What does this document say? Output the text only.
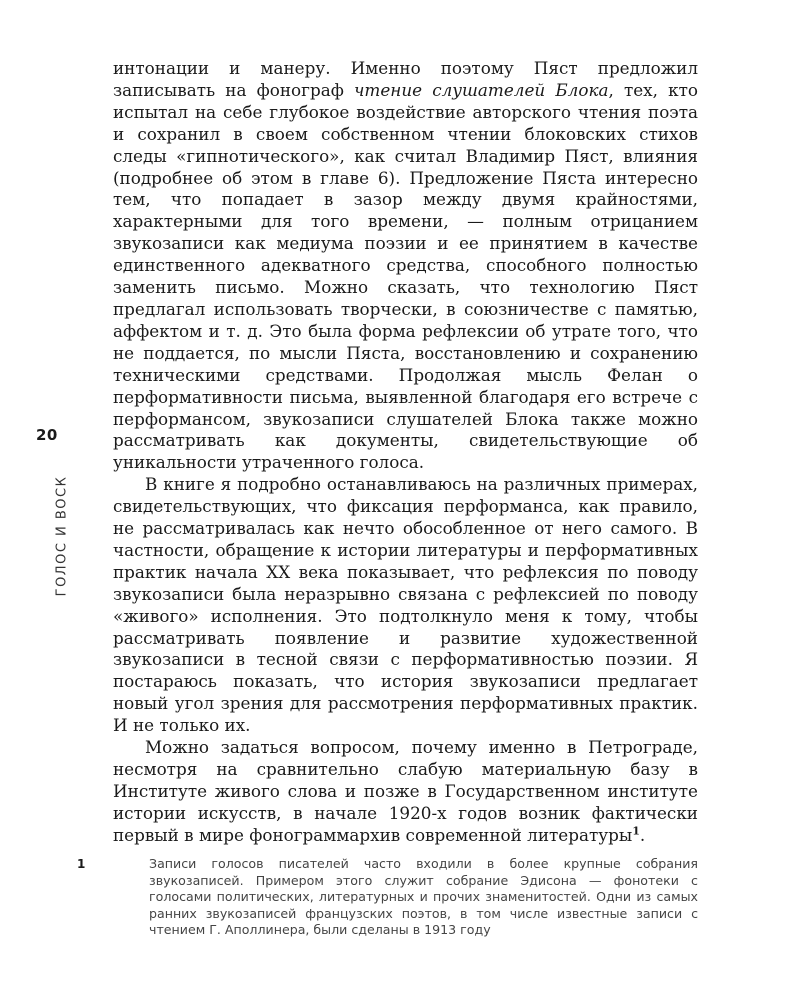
20
ГОЛОС И ВОСК

интонации и манеру. Именно поэтому Пяст предложил записывать на фонограф чтение слушателей Блока, тех, кто испытал на себе глубокое воздействие авторского чтения поэта и сохранил в своем собственном чтении блоковских стихов следы «гипнотического», как считал Владимир Пяст, влияния (подробнее об этом в главе 6). Предложение Пяста интересно тем, что попадает в зазор между двумя крайностями, характерными для того времени, — полным отрицанием звукозаписи как медиума поэзии и ее принятием в качестве единственного адекватного средства, способного полностью заменить письмо. Можно сказать, что технологию Пяст предлагал использовать творчески, в союзничестве с памятью, аффектом и т. д. Это была форма рефлексии об утрате того, что не поддается, по мысли Пяста, восстановлению и сохранению техническими средствами. Продолжая мысль Фелан о перформативности письма, выявленной благодаря его встрече с перформансом, звукозаписи слушателей Блока также можно рассматривать как документы, свидетельствующие об уникальности утраченного голоса.

В книге я подробно останавливаюсь на различных примерах, свидетельствующих, что фиксация перформанса, как правило, не рассматривалась как нечто обособленное от него самого. В частности, обращение к истории литературы и перформативных практик начала XX века показывает, что рефлексия по поводу звукозаписи была неразрывно связана с рефлексией по поводу «живого» исполнения. Это подтолкнуло меня к тому, чтобы рассматривать появление и развитие художественной звукозаписи в тесной связи с перформативностью поэзии. Я постараюсь показать, что история звукозаписи предлагает новый угол зрения для рассмотрения перформативных практик. И не только их.

Можно задаться вопросом, почему именно в Петрограде, несмотря на сравнительно слабую материальную базу в Институте живого слова и позже в Государственном институте истории искусств, в начале 1920-х годов возник фактически первый в мире фонограммархив современной литературы$^1$.

1	Записи голосов писателей часто входили в более крупные собрания звукозаписей. Примером этого служит собрание Эдисона — фонотеки с голосами политических, литературных и прочих знаменитостей. Одни из самых ранних звукозаписей французских поэтов, в том числе известные записи с чтением Г. Аполлинера, были сделаны в 1913 году
